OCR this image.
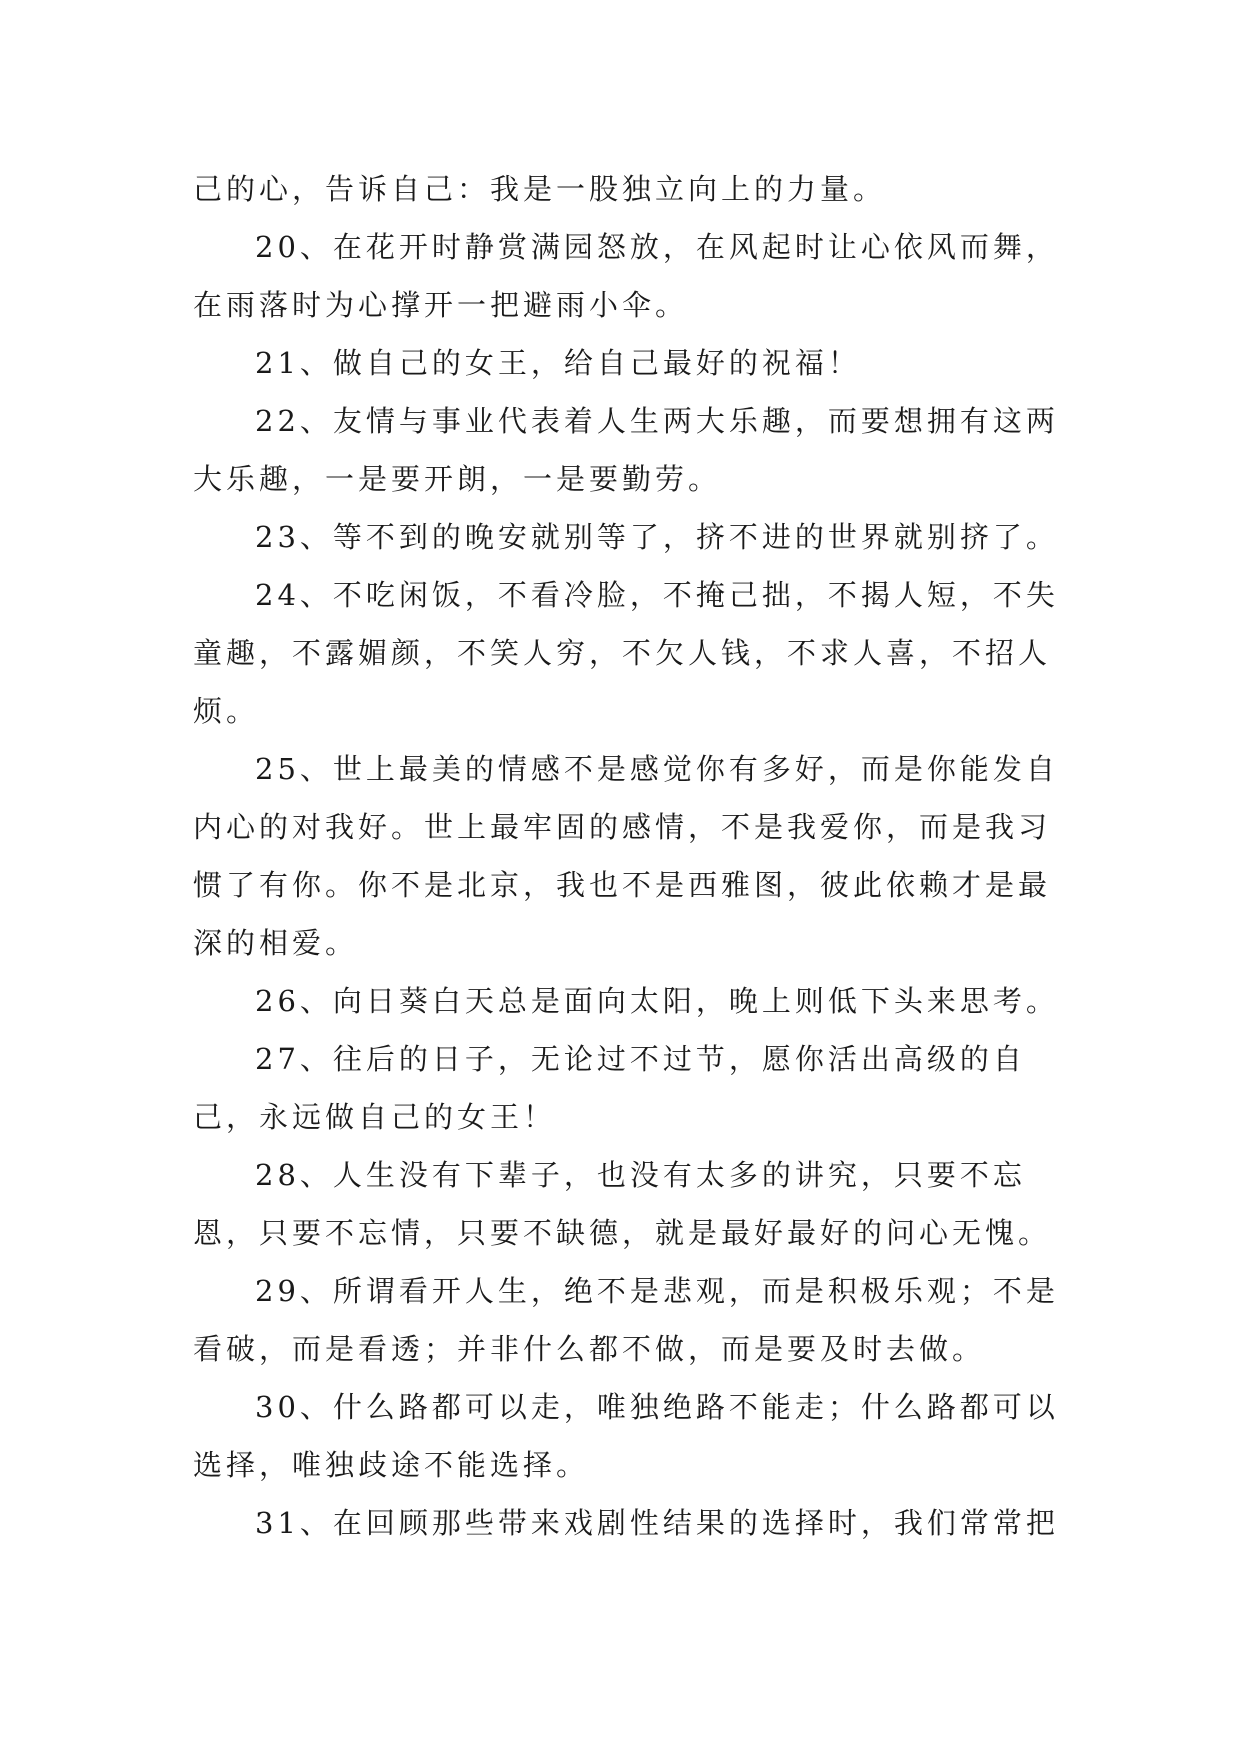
己的心，告诉自己：我是一股独立向上的力量。

20、在花开时静赏满园怒放，在风起时让心依风而舞，在雨落时为心撑开一把避雨小伞。

21、做自己的女王，给自己最好的祝福！

22、友情与事业代表着人生两大乐趣，而要想拥有这两大乐趣，一是要开朗，一是要勤劳。

23、等不到的晚安就别等了，挤不进的世界就别挤了。

24、不吃闲饭，不看冷脸，不掩己拙，不揭人短，不失童趣，不露媚颜，不笑人穷，不欠人钱，不求人喜，不招人烦。

25、世上最美的情感不是感觉你有多好，而是你能发自内心的对我好。世上最牢固的感情，不是我爱你，而是我习惯了有你。你不是北京，我也不是西雅图，彼此依赖才是最深的相爱。

26、向日葵白天总是面向太阳，晚上则低下头来思考。

27、往后的日子，无论过不过节，愿你活出高级的自己，永远做自己的女王！

28、人生没有下辈子，也没有太多的讲究，只要不忘恩，只要不忘情，只要不缺德，就是最好最好的问心无愧。

29、所谓看开人生，绝不是悲观，而是积极乐观；不是看破，而是看透；并非什么都不做，而是要及时去做。

30、什么路都可以走，唯独绝路不能走；什么路都可以选择，唯独歧途不能选择。

31、在回顾那些带来戏剧性结果的选择时，我们常常把
